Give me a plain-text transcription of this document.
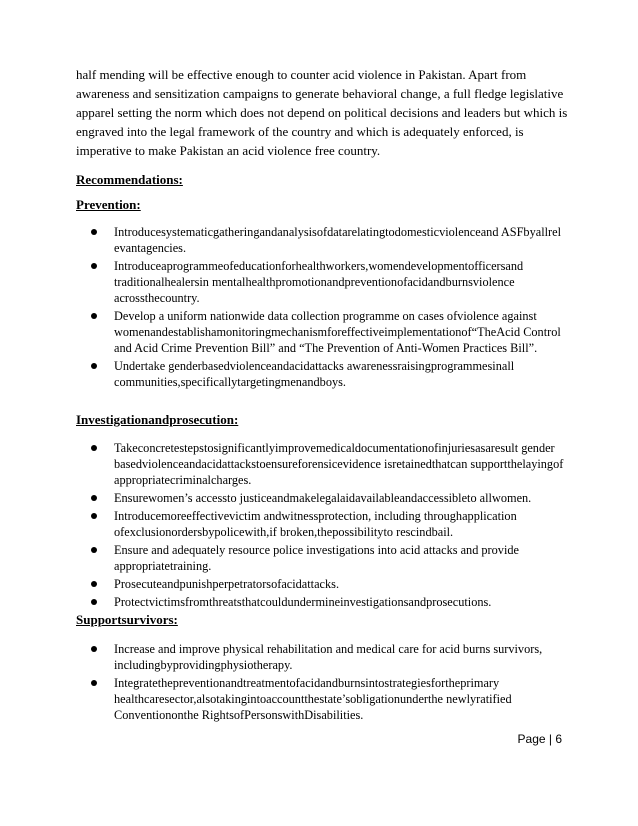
half mending will be effective enough to counter acid violence in Pakistan. Apart from awareness and sensitization campaigns to generate behavioral change, a full fledge legislative apparel setting the norm which does not depend on political decisions and leaders but which is engraved into the legal framework of the country and which is adequately enforced, is imperative to make Pakistan an acid violence free country.

Recommendations:
Prevention:
Introducesystematicgatheringandanalysisofdatarelatingtodomesticviolenceand ASFbyallrel evantagencies.
Introduceaprogrammeofeducationforhealthworkers,womendevelopmentofficersand traditionalhealersin mentalhealthpromotionandpreventionofacidandburnsviolence acrossthecountry.
Develop a uniform nationwide data collection programme on cases ofviolence against womenandestablishamonitoringmechanismforeffectiveimplementationof“TheAcid Control and Acid Crime Prevention Bill” and “The Prevention of Anti-Women Practices Bill”.
Undertake genderbasedviolenceandacidattacks awarenessraisingprogrammesinall communities,specificallytargetingmenandboys.
Investigationandprosecution:
Takeconcretestepstosignificantlyimprovemedicaldocumentationofinjuriesasaresult gender basedviolenceandacidattackstoensureforensicevidence isretainedthatcan supportthelayingof appropriatecriminalcharges.
Ensurewomen’s accessto justiceandmakelegalaidavailableandaccessibleto allwomen.
Introducemoreeffectivevictim andwitnessprotection, including throughapplication ofexclusionordersbypolicewith,if broken,thepossibilityto rescindbail.
Ensure and adequately resource police investigations into acid attacks and provide appropriatetraining.
Prosecuteandpunishperpetratorsofacidattacks.
Protectvictimsfromthreatsthatcouldunderminеinvestigationsandprosecutions.
Supportsurvivors:
Increase and improve physical rehabilitation and medical care for acid burns survivors, includingbyprovidingphysiotherapy.
Integratethepreventionandtreatmentofacidandburnsintostrategiesfortheprimary healthcaresector,alsotakingintoaccountthestate’sobligationunderthe newlyratified Conventiononthe RightsofPersonswithDisabilities.
Page | 6
